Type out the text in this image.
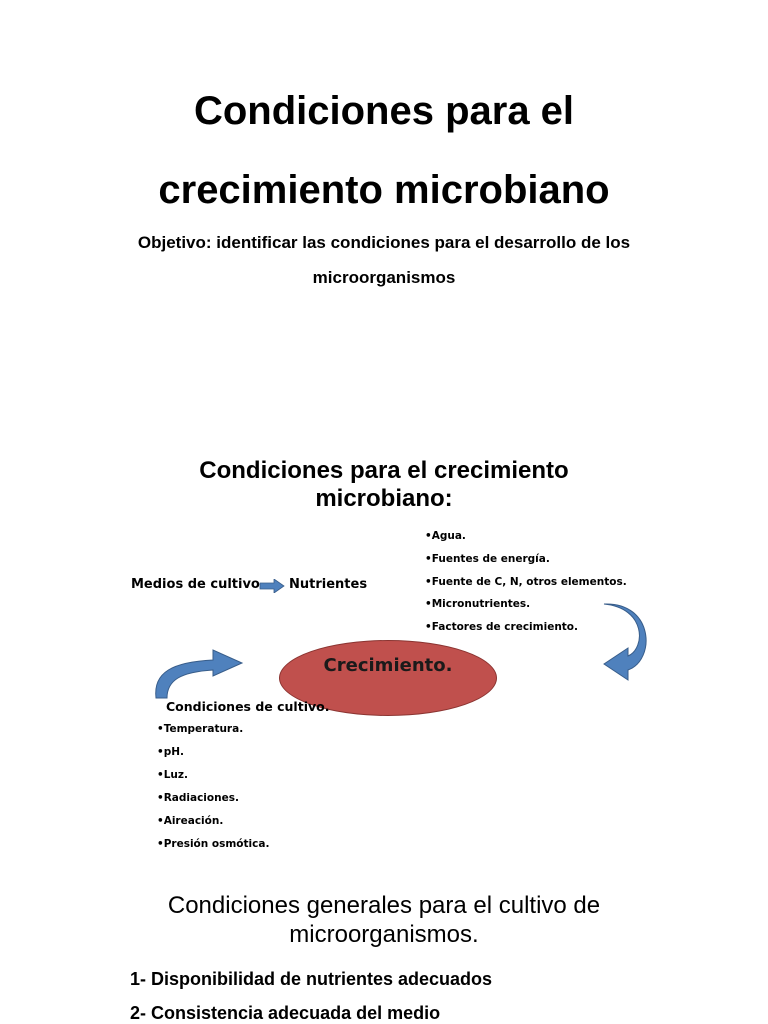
Condiciones para el
crecimiento microbiano
Objetivo: identificar las condiciones para el desarrollo de los
microorganismos
Condiciones para el crecimiento
microbiano:
Medios de cultivo Nutrientes
•Agua.
•Fuentes de energía.
•Fuente de C, N, otros elementos.
•Micronutrientes.
•Factores de crecimiento.
Crecimiento.
Condiciones de cultivo.
•Temperatura.
•pH.
•Luz.
•Radiaciones.
•Aireación.
•Presión osmótica.
Condiciones generales para el cultivo de
microorganismos.
1- Disponibilidad de nutrientes adecuados
2- Consistencia adecuada del medio
